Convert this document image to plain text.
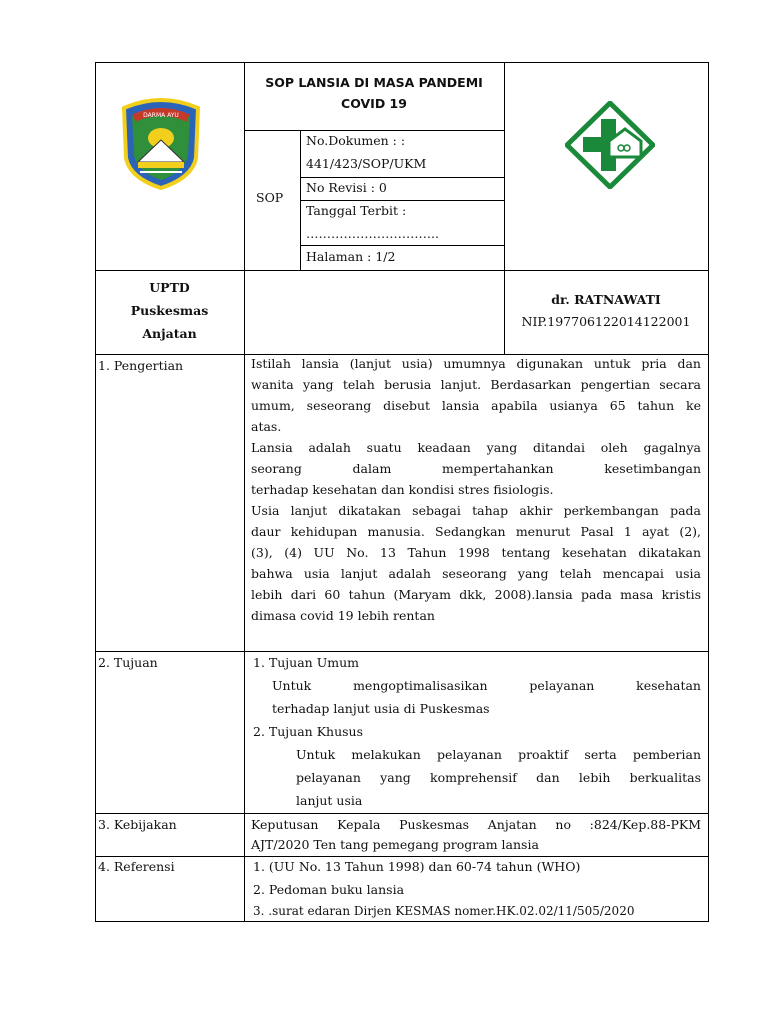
DARMA AYU
SOP LANSIA DI MASA PANDEMI
COVID 19
SOP
No.Dokumen : :
441/423/SOP/UKM
No Revisi : 0
Tanggal Terbit :
…………………………..
Halaman : 1/2
UPTD
Puskesmas
Anjatan
dr. RATNAWATI
NIP.197706122014122001
1. Pengertian	Istilah lansia (lanjut usia) umumnya digunakan untuk pria dan
wanita yang telah berusia lanjut. Berdasarkan pengertian secara
umum, seseorang disebut lansia apabila usianya 65 tahun ke
atas.
Lansia adalah suatu keadaan yang ditandai oleh gagalnya
seorang dalam mempertahankan kesetimbangan
terhadap kesehatan dan kondisi stres fisiologis.
Usia lanjut dikatakan sebagai tahap akhir perkembangan pada
daur kehidupan manusia. Sedangkan menurut Pasal 1 ayat (2),
(3), (4) UU No. 13 Tahun 1998 tentang kesehatan dikatakan
bahwa usia lanjut adalah seseorang yang telah mencapai usia
lebih dari 60 tahun (Maryam dkk, 2008).lansia pada masa kristis
dimasa covid 19 lebih rentan
2. Tujuan	1. Tujuan Umum
Untuk mengoptimalisasikan pelayanan kesehatan
terhadap lanjut usia di Puskesmas
2. Tujuan Khusus
Untuk melakukan pelayanan proaktif serta pemberian
pelayanan yang komprehensif dan lebih berkualitas
lanjut usia
3. Kebijakan	Keputusan Kepala Puskesmas Anjatan no :824/Kep.88-PKM
AJT/2020 Ten tang pemegang program lansia
4. Referensi	1. (UU No. 13 Tahun 1998) dan 60-74 tahun (WHO)
2. Pedoman buku lansia
3. .surat edaran Dirjen KESMAS nomer.HK.02.02/11/505/2020
